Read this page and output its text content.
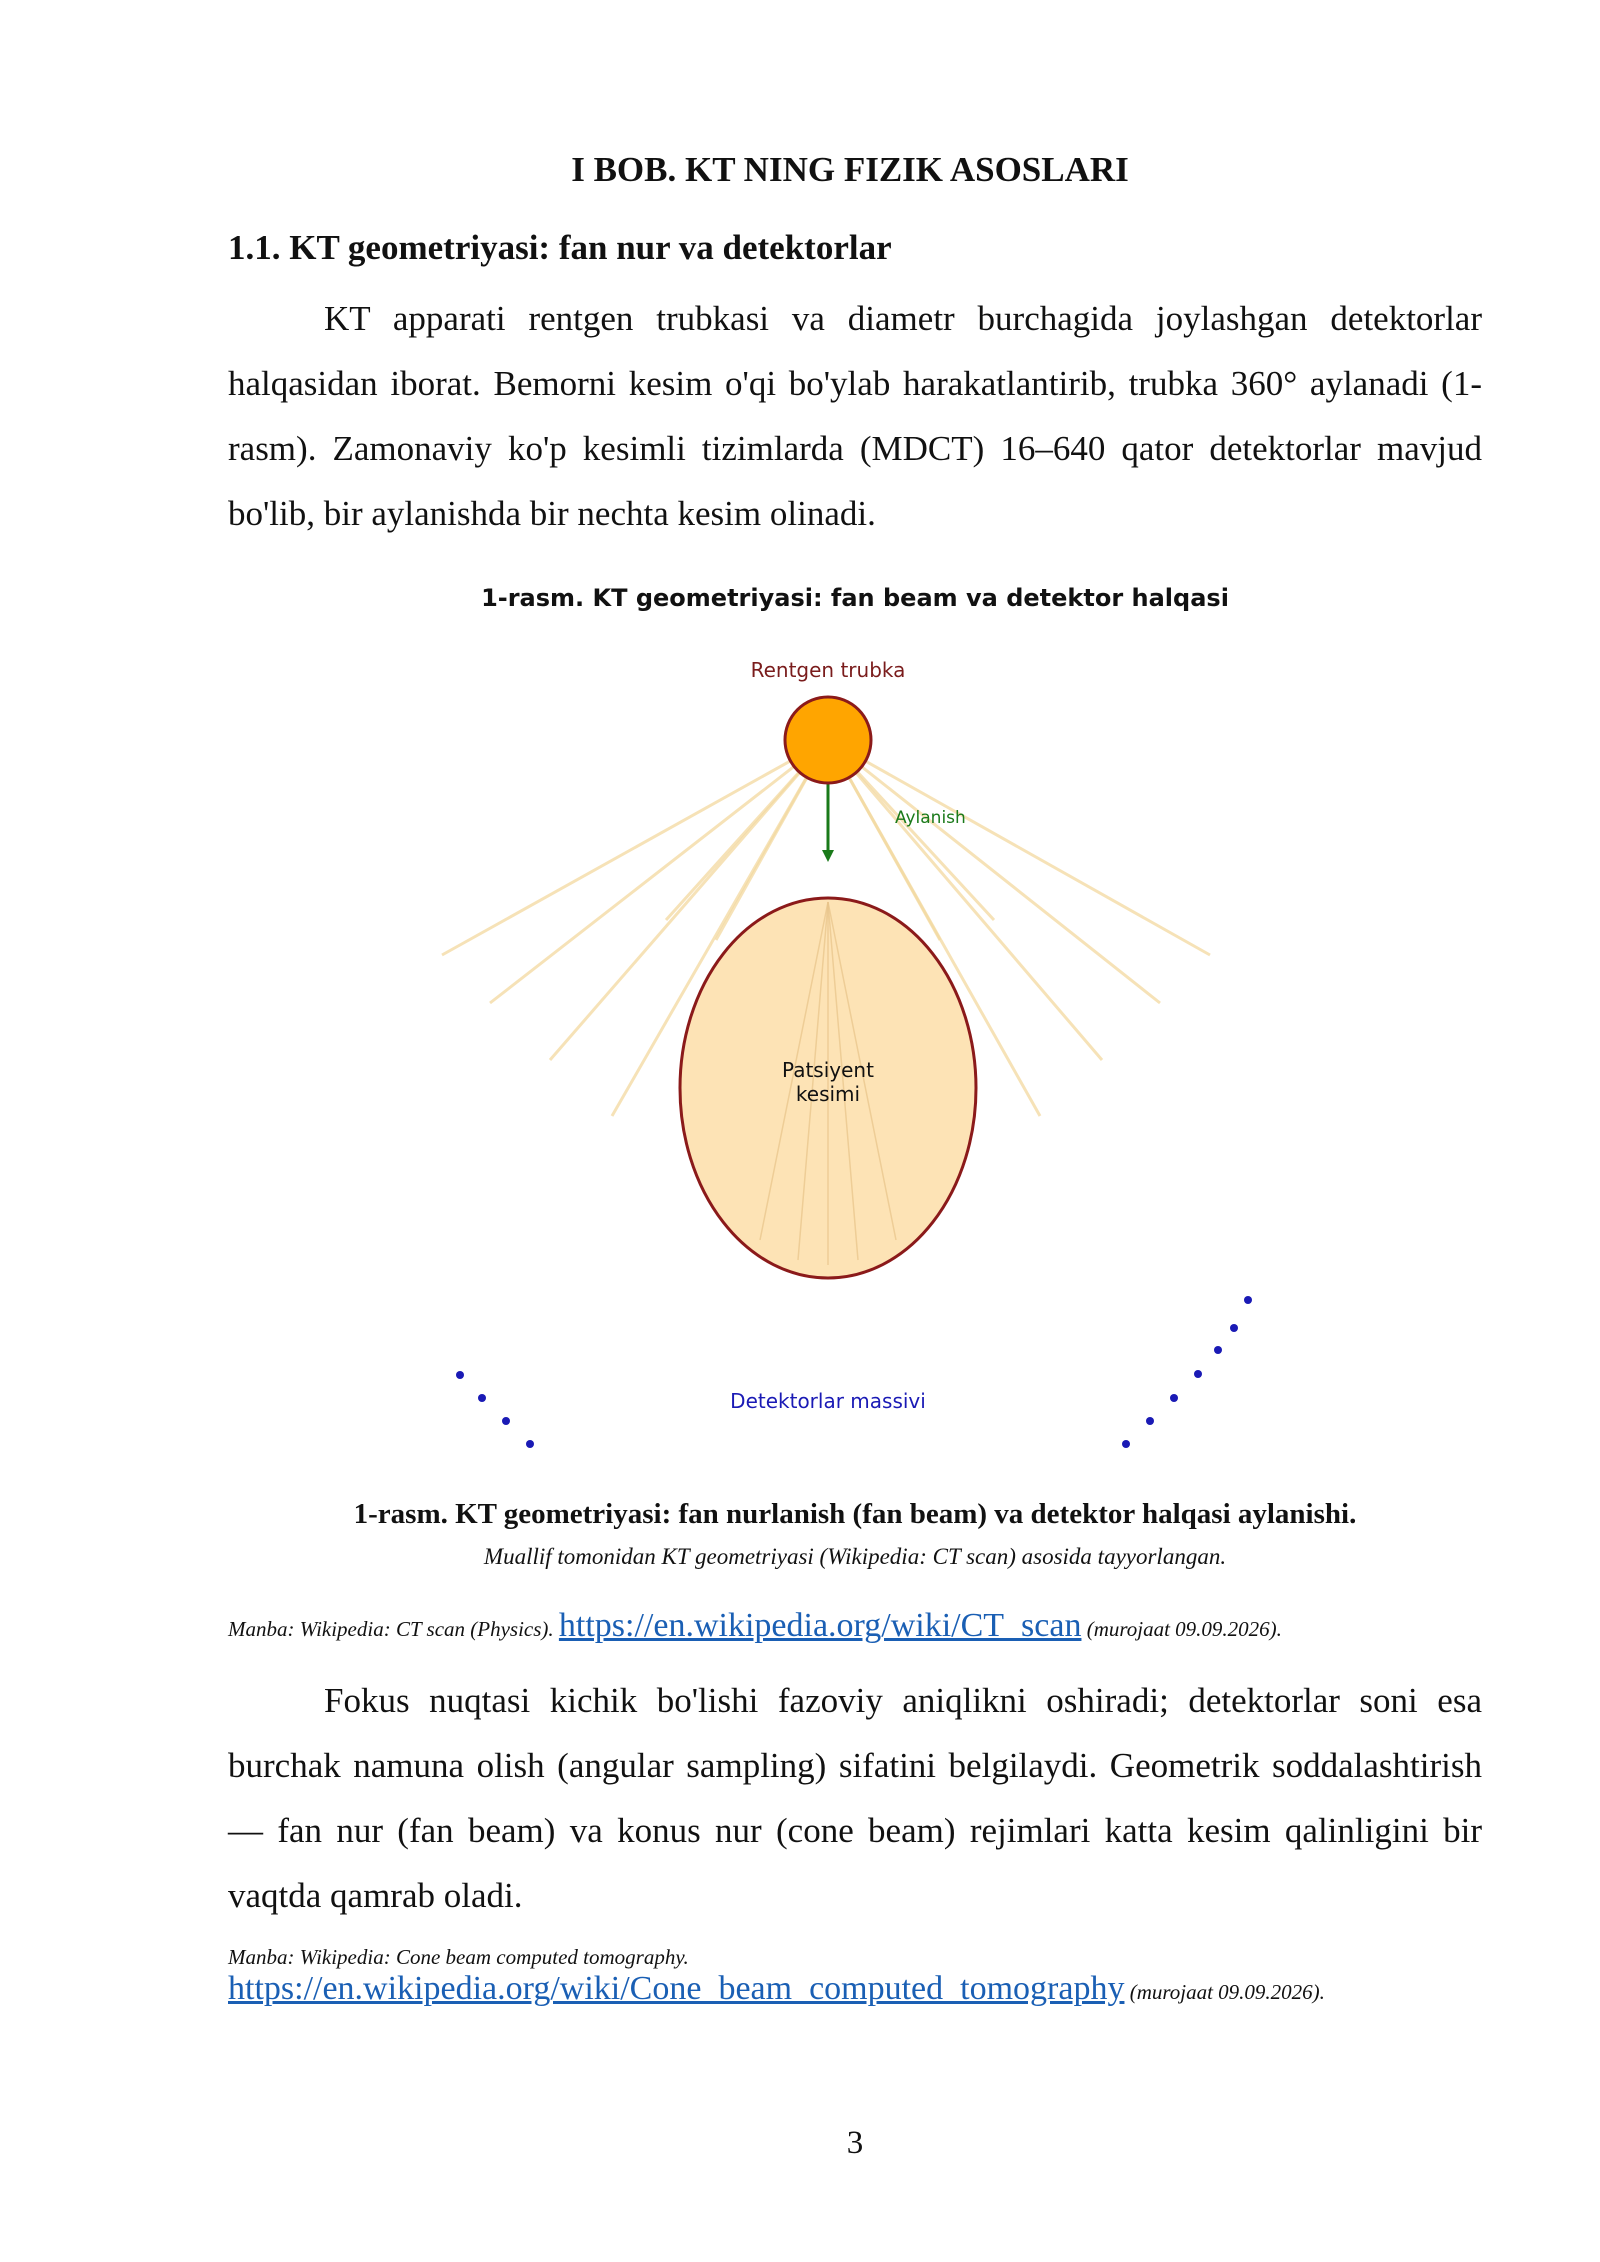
I BOB. KT NING FIZIK ASOSLARI
1.1. KT geometriyasi: fan nur va detektorlar

KT apparati rentgen trubkasi va diametr burchagida joylashgan detektorlar halqasidan iborat. Bemorni kesim o'qi bo'ylab harakatlantirib, trubka 360° aylanadi (1-rasm). Zamonaviy ko'p kesimli tizimlarda (MDCT) 16–640 qator detektorlar mavjud bo'lib, bir aylanishda bir nechta kesim olinadi.

1-rasm. KT geometriyasi: fan beam va detektor halqasi
Rentgen trubka
Aylanish
Patsiyent
kesimi
Detektorlar massivi
1-rasm. KT geometriyasi: fan nurlanish (fan beam) va detektor halqasi aylanishi.
Muallif tomonidan KT geometriyasi (Wikipedia: CT scan) asosida tayyorlangan.
Manba: Wikipedia: CT scan (Physics). https://en.wikipedia.org/wiki/CT_scan (murojaat 09.09.2026).

Fokus nuqtasi kichik bo'lishi fazoviy aniqlikni oshiradi; detektorlar soni esa burchak namuna olish (angular sampling) sifatini belgilaydi. Geometrik soddalashtirish — fan nur (fan beam) va konus nur (cone beam) rejimlari katta kesim qalinligini bir vaqtda qamrab oladi.

Manba: Wikipedia: Cone beam computed tomography.
https://en.wikipedia.org/wiki/Cone_beam_computed_tomography (murojaat 09.09.2026).
3
